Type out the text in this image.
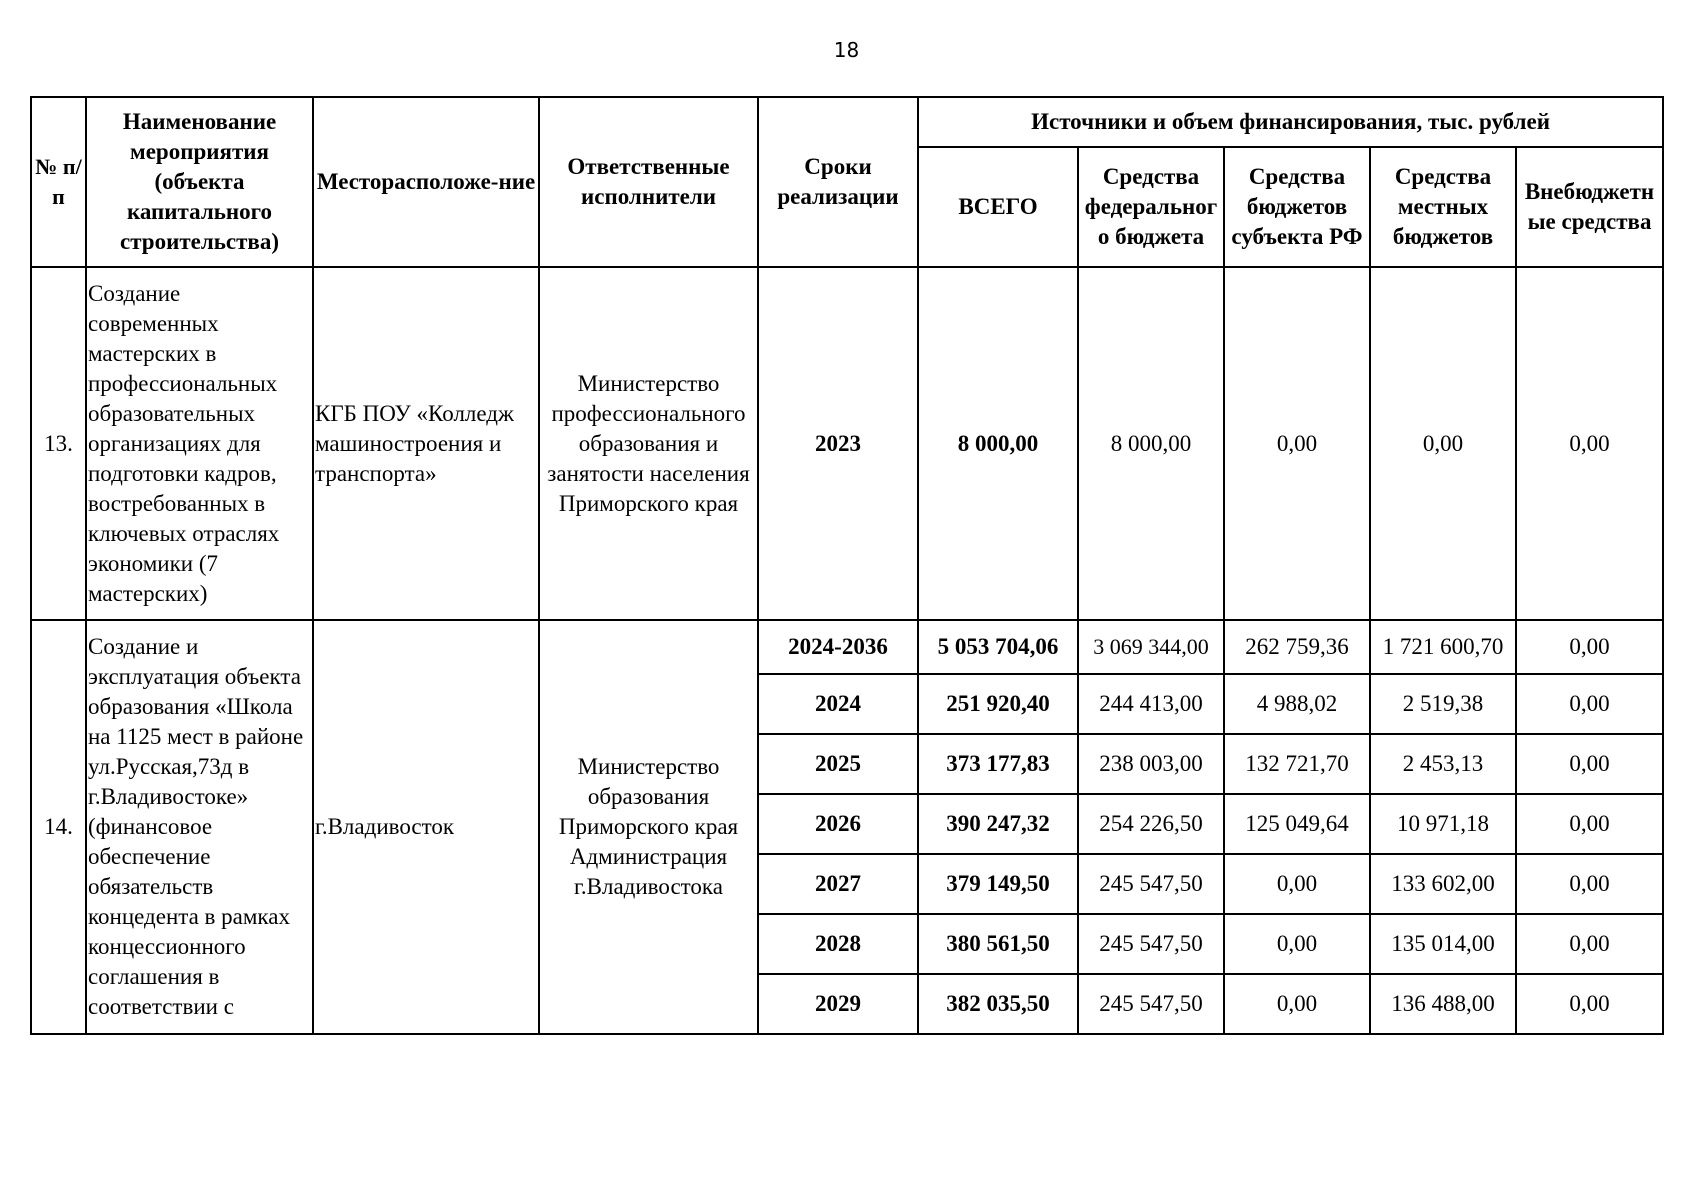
18
№ п/п	Наименование мероприятия (объекта капитального строительства)	Месторасположе-ние	Ответственные исполнители	Сроки реализации	Источники и объем финансирования, тыс. рублей				
					ВСЕГО	Средства федеральног о бюджета	Средства бюджетов субъекта РФ	Средства местных бюджетов	Внебюджетн ые средства
13.	Создание современных мастерских в профессиональных образовательных организациях для подготовки кадров, востребованных в ключевых отраслях экономики (7 мастерских)	КГБ ПОУ «Колледж машиностроения и транспорта»	Министерство профессионального образования и занятости населения Приморского края	2023	8 000,00	8 000,00	0,00	0,00	0,00
14.	Создание и эксплуатация объекта образования «Школа на 1125 мест в районе ул.Русская,73д в г.Владивостоке» (финансовое обеспечение обязательств концедента в рамках концессионного соглашения в соответствии с	г.Владивосток	Министерство образования Приморского края Администрация г.Владивостока	2024-2036	5 053 704,06	3 069 344,00	262 759,36	1 721 600,70	0,00
				2024	251 920,40	244 413,00	4 988,02	2 519,38	0,00
				2025	373 177,83	238 003,00	132 721,70	2 453,13	0,00
				2026	390 247,32	254 226,50	125 049,64	10 971,18	0,00
				2027	379 149,50	245 547,50	0,00	133 602,00	0,00
				2028	380 561,50	245 547,50	0,00	135 014,00	0,00
				2029	382 035,50	245 547,50	0,00	136 488,00	0,00
